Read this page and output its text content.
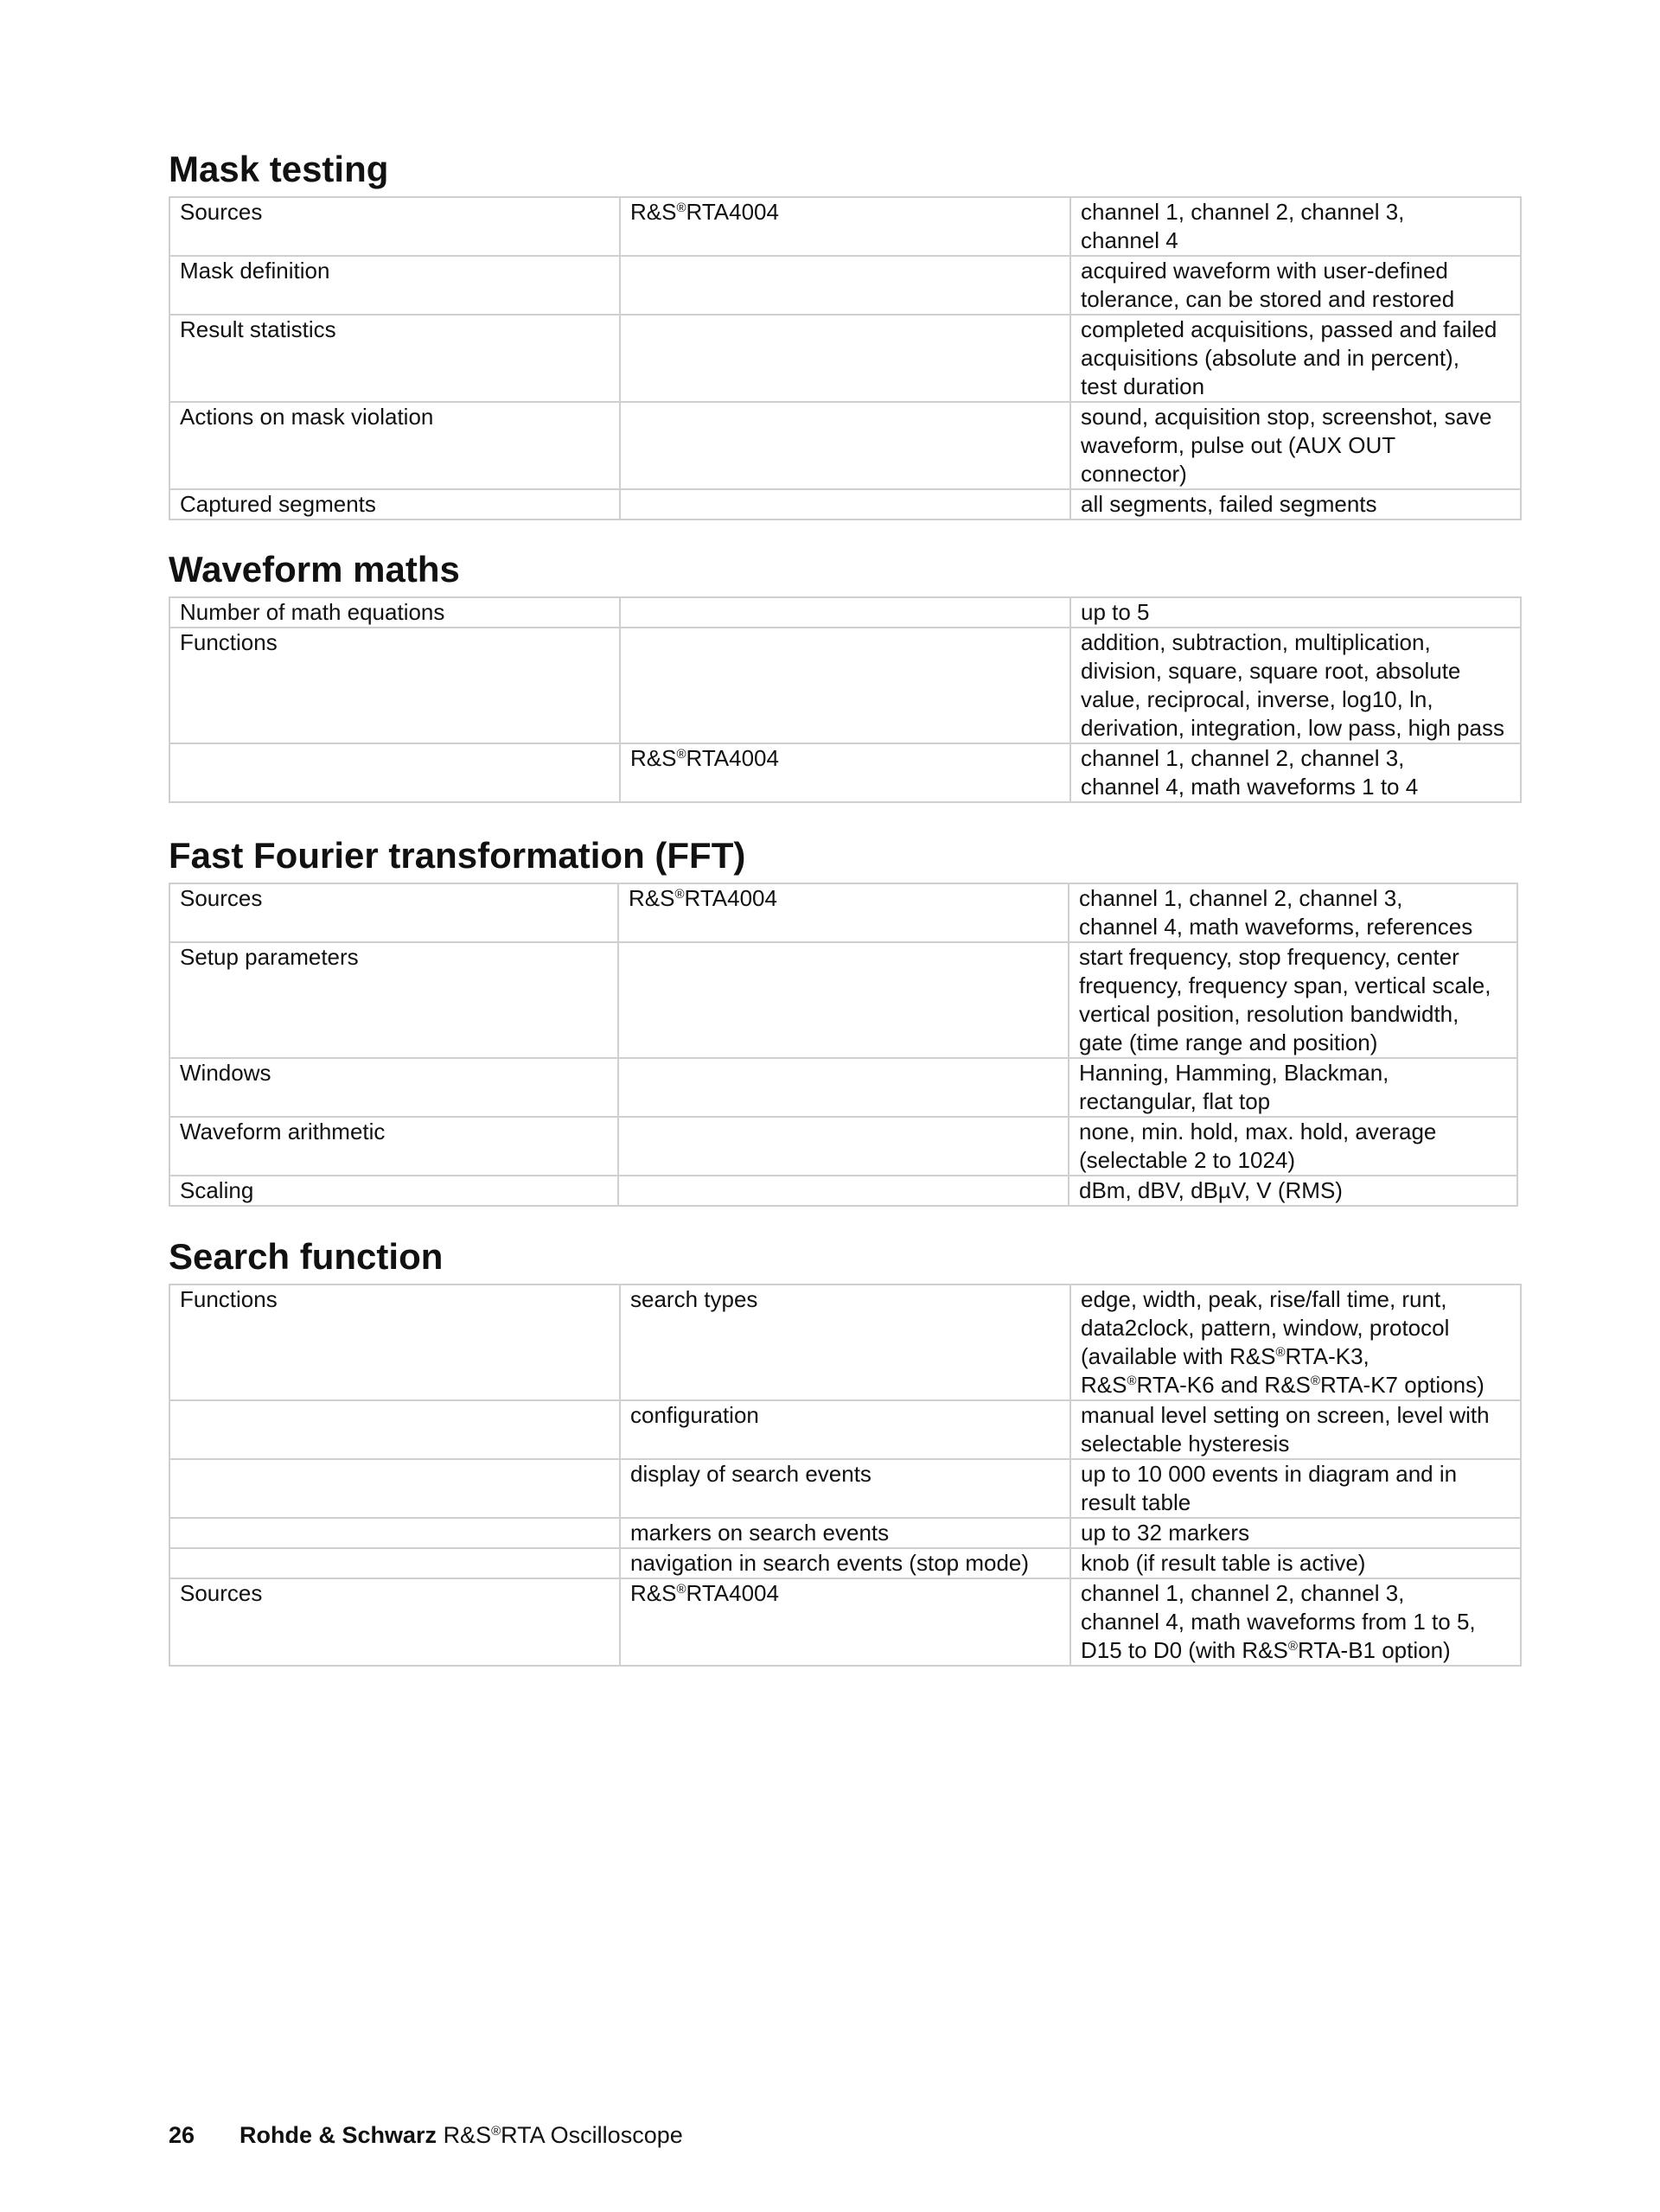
Mask testing
Sources	R&S®RTA4004	channel 1, channel 2, channel 3,
channel 4
Mask definition		acquired waveform with user-defined
tolerance, can be stored and restored
Result statistics		completed acquisitions, passed and failed
acquisitions (absolute and in percent),
test duration
Actions on mask violation		sound, acquisition stop, screenshot, save
waveform, pulse out (AUX OUT
connector)
Captured segments		all segments, failed segments
Waveform maths
Number of math equations		up to 5
Functions		addition, subtraction, multiplication,
division, square, square root, absolute
value, reciprocal, inverse, log10, ln,
derivation, integration, low pass, high pass
	R&S®RTA4004	channel 1, channel 2, channel 3,
channel 4, math waveforms 1 to 4
Fast Fourier transformation (FFT)
Sources	R&S®RTA4004	channel 1, channel 2, channel 3,
channel 4, math waveforms, references
Setup parameters		start frequency, stop frequency, center
frequency, frequency span, vertical scale,
vertical position, resolution bandwidth,
gate (time range and position)
Windows		Hanning, Hamming, Blackman,
rectangular, flat top
Waveform arithmetic		none, min. hold, max. hold, average
(selectable 2 to 1024)
Scaling		dBm, dBV, dBµV, V (RMS)
Search function
Functions	search types	edge, width, peak, rise/fall time, runt,
data2clock, pattern, window, protocol
(available with R&S®RTA-K3,
R&S®RTA-K6 and R&S®RTA-K7 options)
	configuration	manual level setting on screen, level with
selectable hysteresis
	display of search events	up to 10 000 events in diagram and in
result table
	markers on search events	up to 32 markers
	navigation in search events (stop mode)	knob (if result table is active)
Sources	R&S®RTA4004	channel 1, channel 2, channel 3,
channel 4, math waveforms from 1 to 5,
D15 to D0 (with R&S®RTA-B1 option)
26 Rohde & Schwarz R&S®RTA Oscilloscope
